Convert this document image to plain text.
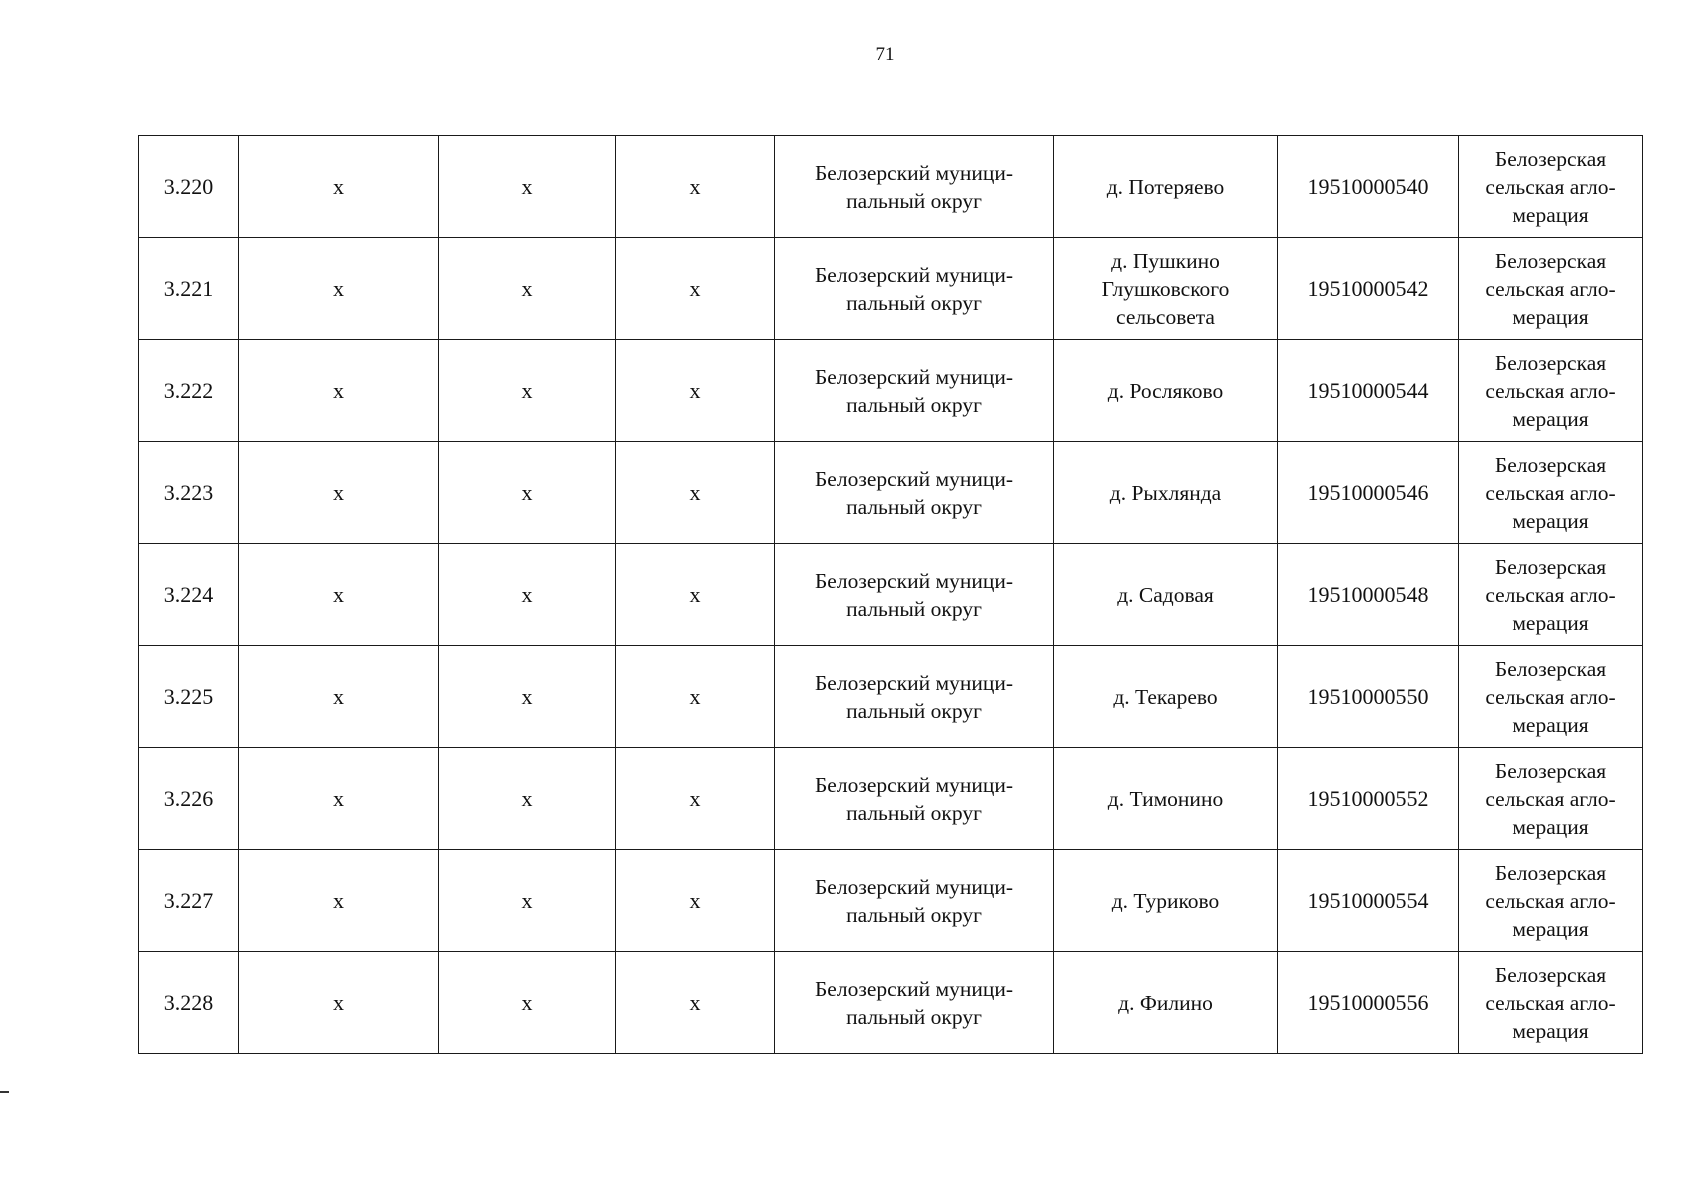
71
3.220	х	х	х	Белозерский муници-пальный округ	д. Потеряево	19510000540	Белозерская сельская агло-мерация
3.221	х	х	х	Белозерский муници-пальный округ	д. Пушкино Глушковского сельсовета	19510000542	Белозерская сельская агло-мерация
3.222	х	х	х	Белозерский муници-пальный округ	д. Росляково	19510000544	Белозерская сельская агло-мерация
3.223	х	х	х	Белозерский муници-пальный округ	д. Рыхлянда	19510000546	Белозерская сельская агло-мерация
3.224	х	х	х	Белозерский муници-пальный округ	д. Садовая	19510000548	Белозерская сельская агло-мерация
3.225	х	х	х	Белозерский муници-пальный округ	д. Текарево	19510000550	Белозерская сельская агло-мерация
3.226	х	х	х	Белозерский муници-пальный округ	д. Тимонино	19510000552	Белозерская сельская агло-мерация
3.227	х	х	х	Белозерский муници-пальный округ	д. Туриково	19510000554	Белозерская сельская агло-мерация
3.228	х	х	х	Белозерский муници-пальный округ	д. Филино	19510000556	Белозерская сельская агло-мерация
